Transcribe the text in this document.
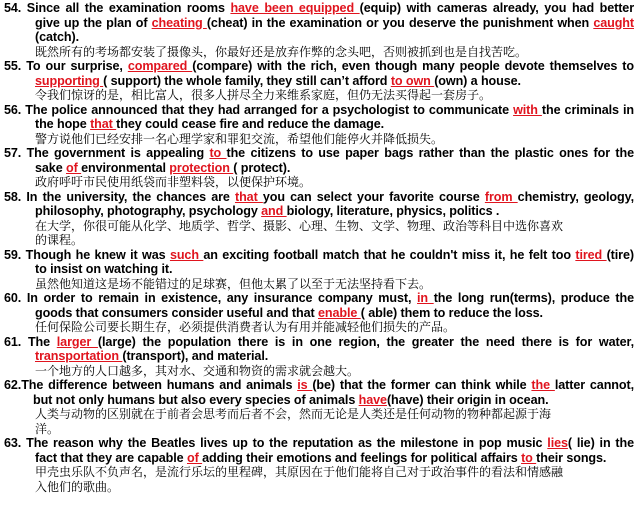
54. Since all the examination rooms have been equipped (equip) with cameras already, you had better
give up the plan of cheating (cheat) in the examination or you deserve the punishment when caught
(catch).
既然所有的考场都安装了摄像头，你最好还是放弃作弊的念头吧，否则被抓到也是自找苦吃。
55. To our surprise, compared (compare) with the rich, even though many people devote themselves to
supporting ( support) the whole family, they still can’t afford to own (own) a house.
令我们惊讶的是，相比富人，很多人拼尽全力来维系家庭，但仍无法买得起一套房子。
56. The police announced that they had arranged for a psychologist to communicate with the criminals in
the hope that they could cease fire and reduce the damage.
警方说他们已经安排一名心理学家和罪犯交流，希望他们能停火并降低损失。
57. The government is appealing to the citizens to use paper bags rather than the plastic ones for the
sake of environmental protection ( protect).
政府呼吁市民使用纸袋而非塑料袋，以便保护环境。
58. In the university, the chances are that you can select your favorite course from chemistry, geology,
philosophy, photography, psychology and biology, literature, physics, politics .
在大学，你很可能从化学、地质学、哲学、摄影、心理、生物、文学、物理、政治等科目中选你喜欢
的课程。
59. Though he knew it was such an exciting football match that he couldn't miss it, he felt too tired (tire)
to insist on watching it.
虽然他知道这是场不能错过的足球赛，但他太累了以至于无法坚持看下去。
60. In order to remain in existence, any insurance company must, in the long run(terms), produce the
goods that consumers consider useful and that enable ( able) them to reduce the loss.
任何保险公司要长期生存，必须提供消费者认为有用并能减轻他们损失的产品。
61. The larger (large) the population there is in one region, the greater the need there is for water,
transportation (transport), and material.
一个地方的人口越多，其对水、交通和物资的需求就会越大。
62.The difference between humans and animals is (be) that the former can think while the latter cannot,
but not only humans but also every species of animals have(have) their origin in ocean.
人类与动物的区别就在于前者会思考而后者不会，然而无论是人类还是任何动物的物种都起源于海
洋。
63. The reason why the Beatles lives up to the reputation as the milestone in pop music lies( lie) in the
fact that they are capable of adding their emotions and feelings for political affairs to their songs.
甲壳虫乐队不负声名，是流行乐坛的里程碑，其原因在于他们能将自己对于政治事件的看法和情感融
入他们的歌曲。
